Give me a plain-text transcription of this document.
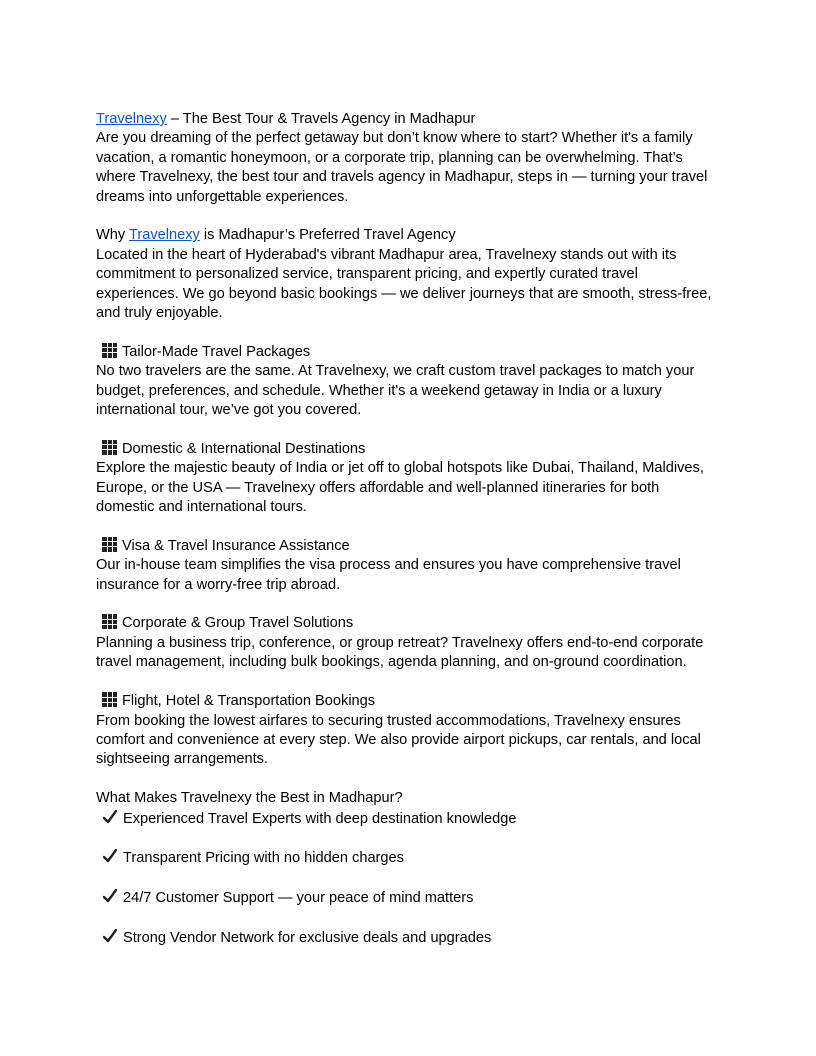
Travelnexy – The Best Tour & Travels Agency in Madhapur
Are you dreaming of the perfect getaway but don’t know where to start? Whether it's a family vacation, a romantic honeymoon, or a corporate trip, planning can be overwhelming. That’s where Travelnexy, the best tour and travels agency in Madhapur, steps in — turning your travel dreams into unforgettable experiences.
Why Travelnexy is Madhapur’s Preferred Travel Agency
Located in the heart of Hyderabad's vibrant Madhapur area, Travelnexy stands out with its commitment to personalized service, transparent pricing, and expertly curated travel experiences. We go beyond basic bookings — we deliver journeys that are smooth, stress-free, and truly enjoyable.
Tailor-Made Travel Packages
No two travelers are the same. At Travelnexy, we craft custom travel packages to match your budget, preferences, and schedule. Whether it's a weekend getaway in India or a luxury international tour, we’ve got you covered.
Domestic & International Destinations
Explore the majestic beauty of India or jet off to global hotspots like Dubai, Thailand, Maldives, Europe, or the USA — Travelnexy offers affordable and well-planned itineraries for both domestic and international tours.
Visa & Travel Insurance Assistance
Our in-house team simplifies the visa process and ensures you have comprehensive travel insurance for a worry-free trip abroad.
Corporate & Group Travel Solutions
Planning a business trip, conference, or group retreat? Travelnexy offers end-to-end corporate travel management, including bulk bookings, agenda planning, and on-ground coordination.
Flight, Hotel & Transportation Bookings
From booking the lowest airfares to securing trusted accommodations, Travelnexy ensures comfort and convenience at every step. We also provide airport pickups, car rentals, and local sightseeing arrangements.
What Makes Travelnexy the Best in Madhapur?
Experienced Travel Experts with deep destination knowledge
Transparent Pricing with no hidden charges
24/7 Customer Support — your peace of mind matters
Strong Vendor Network for exclusive deals and upgrades
